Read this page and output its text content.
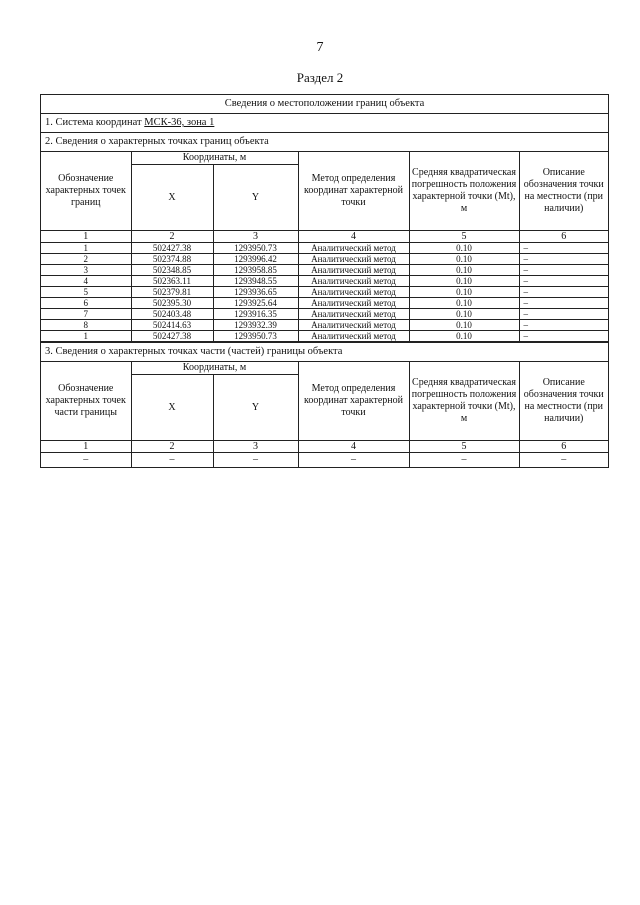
7
Раздел 2
Сведения о местоположении границ объекта
1. Система координат МСК-36, зона 1
2. Сведения о характерных точках границ объекта
Обозначение характерных точек границ	Координаты, м		Метод определения координат характерной точки	Средняя квадратическая погрешность положения характерной точки (Mt), м	Описание обозначения точки на местности (при наличии)
	X	Y			
1	2	3	4	5	6
1	502427.38	1293950.73	Аналитический метод	0.10	–
2	502374.88	1293996.42	Аналитический метод	0.10	–
3	502348.85	1293958.85	Аналитический метод	0.10	–
4	502363.11	1293948.55	Аналитический метод	0.10	–
5	502379.81	1293936.65	Аналитический метод	0.10	–
6	502395.30	1293925.64	Аналитический метод	0.10	–
7	502403.48	1293916.35	Аналитический метод	0.10	–
8	502414.63	1293932.39	Аналитический метод	0.10	–
1	502427.38	1293950.73	Аналитический метод	0.10	–
3. Сведения о характерных точках части (частей) границы объекта
Обозначение характерных точек части границы	Координаты, м		Метод определения координат характерной точки	Средняя квадратическая погрешность положения характерной точки (Mt), м	Описание обозначения точки на местности (при наличии)
	X	Y			
1	2	3	4	5	6
–	–	–	–	–	–
